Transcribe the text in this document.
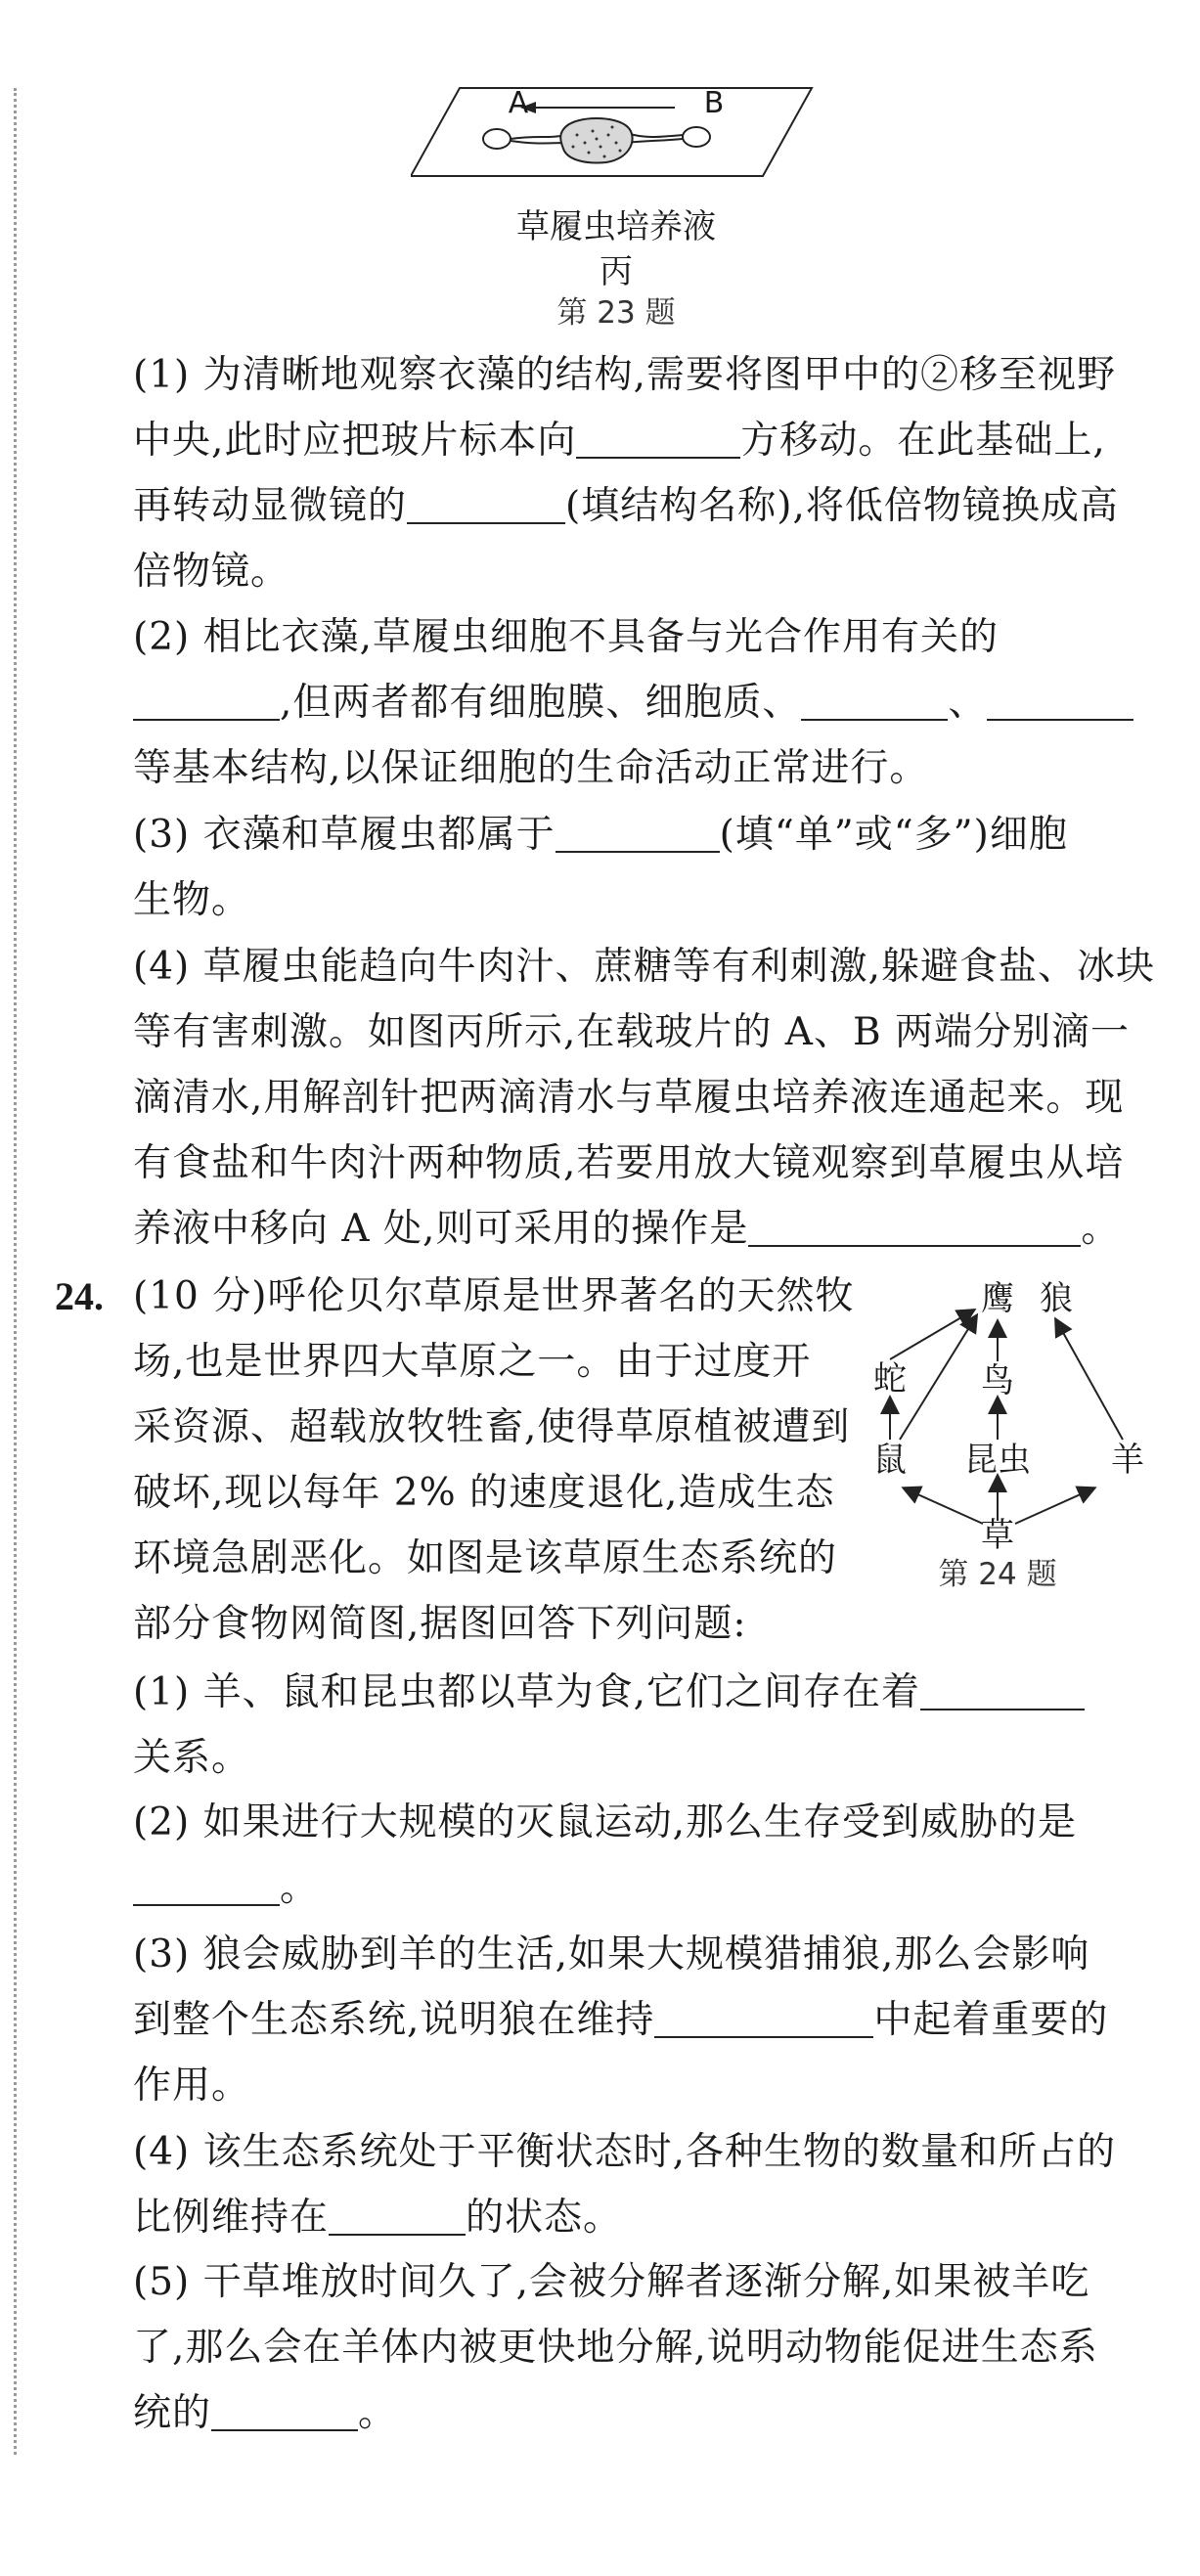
A	B
草履虫培养液
丙
第 23 题
(1) 为清晰地观察衣藻的结构,需要将图甲中的②移至视野
中央,此时应把玻片标本向	方移动。在此基础上,
再转动显微镜的	(填结构名称),将低倍物镜换成高
倍物镜。
(2) 相比衣藻,草履虫细胞不具备与光合作用有关的
,但两者都有细胞膜、细胞质、	、
等基本结构,以保证细胞的生命活动正常进行。
(3) 衣藻和草履虫都属于	(填“单”或“多”)细胞
生物。
(4) 草履虫能趋向牛肉汁、蔗糖等有利刺激,躲避食盐、冰块
等有害刺激。如图丙所示,在载玻片的 A、B 两端分别滴一
滴清水,用解剖针把两滴清水与草履虫培养液连通起来。现
有食盐和牛肉汁两种物质,若要用放大镜观察到草履虫从培
养液中移向 A 处,则可采用的操作是	。
24. (10 分)呼伦贝尔草原是世界著名的天然牧
场,也是世界四大草原之一。由于过度开
采资源、超载放牧牲畜,使得草原植被遭到
破坏,现以每年 2% 的速度退化,造成生态
环境急剧恶化。如图是该草原生态系统的
部分食物网简图,据图回答下列问题:
鹰 狼
蛇	鸟
鼠	昆虫	羊
草
第 24 题
(1) 羊、鼠和昆虫都以草为食,它们之间存在着
关系。
(2) 如果进行大规模的灭鼠运动,那么生存受到威胁的是
。
(3) 狼会威胁到羊的生活,如果大规模猎捕狼,那么会影响
到整个生态系统,说明狼在维持	中起着重要的
作用。
(4) 该生态系统处于平衡状态时,各种生物的数量和所占的
比例维持在	的状态。
(5) 干草堆放时间久了,会被分解者逐渐分解,如果被羊吃
了,那么会在羊体内被更快地分解,说明动物能促进生态系
统的	。
